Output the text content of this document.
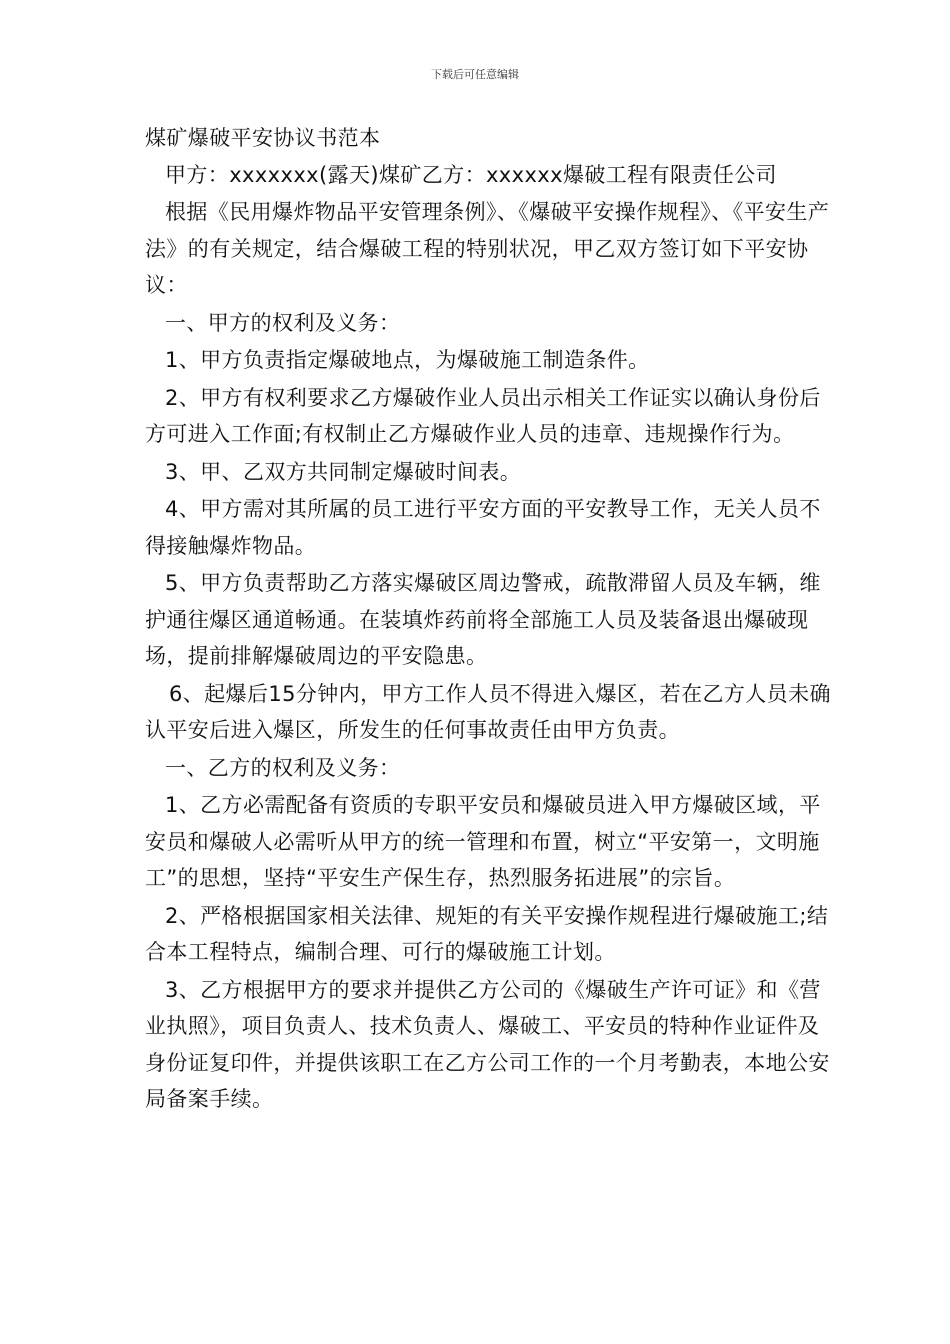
下载后可任意编辑

煤矿爆破平安协议书范本

甲方：xxxxxxx(露天)煤矿乙方：xxxxxx爆破工程有限责任公司

根据《民用爆炸物品平安管理条例》、《爆破平安操作规程》、《平安生产法》的有关规定，结合爆破工程的特别状况，甲乙双方签订如下平安协议：

一、甲方的权利及义务：

1、甲方负责指定爆破地点，为爆破施工制造条件。

2、甲方有权利要求乙方爆破作业人员出示相关工作证实以确认身份后方可进入工作面;有权制止乙方爆破作业人员的违章、违规操作行为。

3、甲、乙双方共同制定爆破时间表。

4、甲方需对其所属的员工进行平安方面的平安教导工作，无关人员不得接触爆炸物品。

5、甲方负责帮助乙方落实爆破区周边警戒，疏散滞留人员及车辆，维护通往爆区通道畅通。在装填炸药前将全部施工人员及装备退出爆破现场，提前排解爆破周边的平安隐患。

6、起爆后15分钟内，甲方工作人员不得进入爆区，若在乙方人员未确认平安后进入爆区，所发生的任何事故责任由甲方负责。

一、乙方的权利及义务：

1、乙方必需配备有资质的专职平安员和爆破员进入甲方爆破区域，平安员和爆破人必需听从甲方的统一管理和布置，树立“平安第一，文明施工”的思想，坚持“平安生产保生存，热烈服务拓进展”的宗旨。

2、严格根据国家相关法律、规矩的有关平安操作规程进行爆破施工;结合本工程特点，编制合理、可行的爆破施工计划。

3、乙方根据甲方的要求并提供乙方公司的《爆破生产许可证》和《营业执照》，项目负责人、技术负责人、爆破工、平安员的特种作业证件及身份证复印件，并提供该职工在乙方公司工作的一个月考勤表，本地公安局备案手续。
